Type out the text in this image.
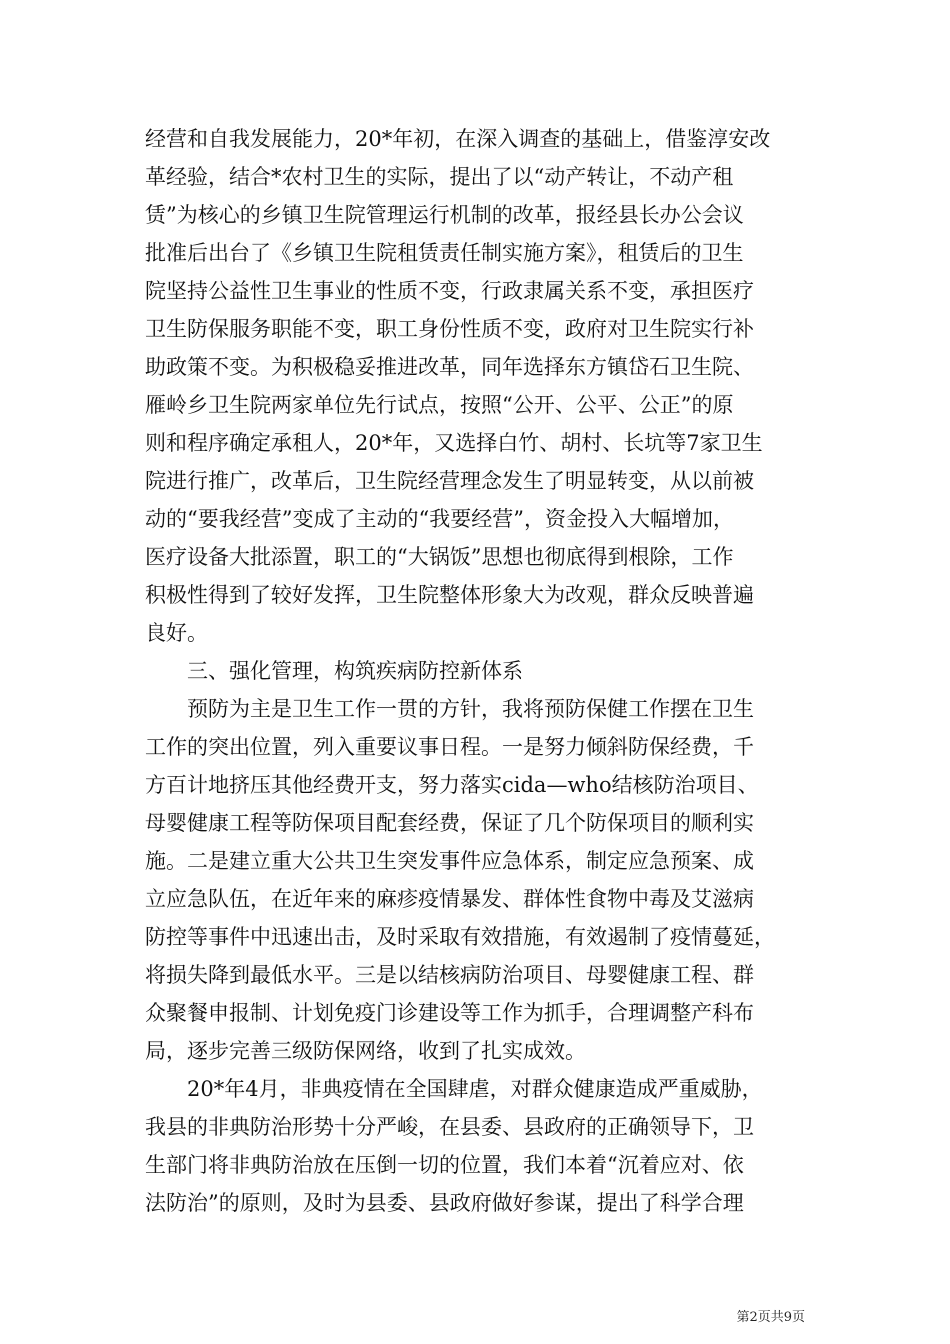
经营和自我发展能力，20*年初，在深入调查的基础上，借鉴淳安改
革经验，结合*农村卫生的实际，提出了以“动产转让，不动产租
赁”为核心的乡镇卫生院管理运行机制的改革，报经县长办公会议
批准后出台了《乡镇卫生院租赁责任制实施方案》，租赁后的卫生
院坚持公益性卫生事业的性质不变，行政隶属关系不变，承担医疗
卫生防保服务职能不变，职工身份性质不变，政府对卫生院实行补
助政策不变。为积极稳妥推进改革，同年选择东方镇岱石卫生院、
雁岭乡卫生院两家单位先行试点，按照“公开、公平、公正”的原
则和程序确定承租人，20*年，又选择白竹、胡村、长坑等7家卫生
院进行推广，改革后，卫生院经营理念发生了明显转变，从以前被
动的“要我经营”变成了主动的“我要经营”，资金投入大幅增加，
医疗设备大批添置，职工的“大锅饭”思想也彻底得到根除，工作
积极性得到了较好发挥，卫生院整体形象大为改观，群众反映普遍
良好。
三、强化管理，构筑疾病防控新体系
预防为主是卫生工作一贯的方针，我将预防保健工作摆在卫生
工作的突出位置，列入重要议事日程。一是努力倾斜防保经费，千
方百计地挤压其他经费开支，努力落实cida—who结核防治项目、
母婴健康工程等防保项目配套经费，保证了几个防保项目的顺利实
施。二是建立重大公共卫生突发事件应急体系，制定应急预案、成
立应急队伍，在近年来的麻疹疫情暴发、群体性食物中毒及艾滋病
防控等事件中迅速出击，及时采取有效措施，有效遏制了疫情蔓延，
将损失降到最低水平。三是以结核病防治项目、母婴健康工程、群
众聚餐申报制、计划免疫门诊建设等工作为抓手，合理调整产科布
局，逐步完善三级防保网络，收到了扎实成效。
20*年4月，非典疫情在全国肆虐，对群众健康造成严重威胁，
我县的非典防治形势十分严峻，在县委、县政府的正确领导下，卫
生部门将非典防治放在压倒一切的位置，我们本着“沉着应对、依
法防治”的原则，及时为县委、县政府做好参谋，提出了科学合理
第2页共9页
